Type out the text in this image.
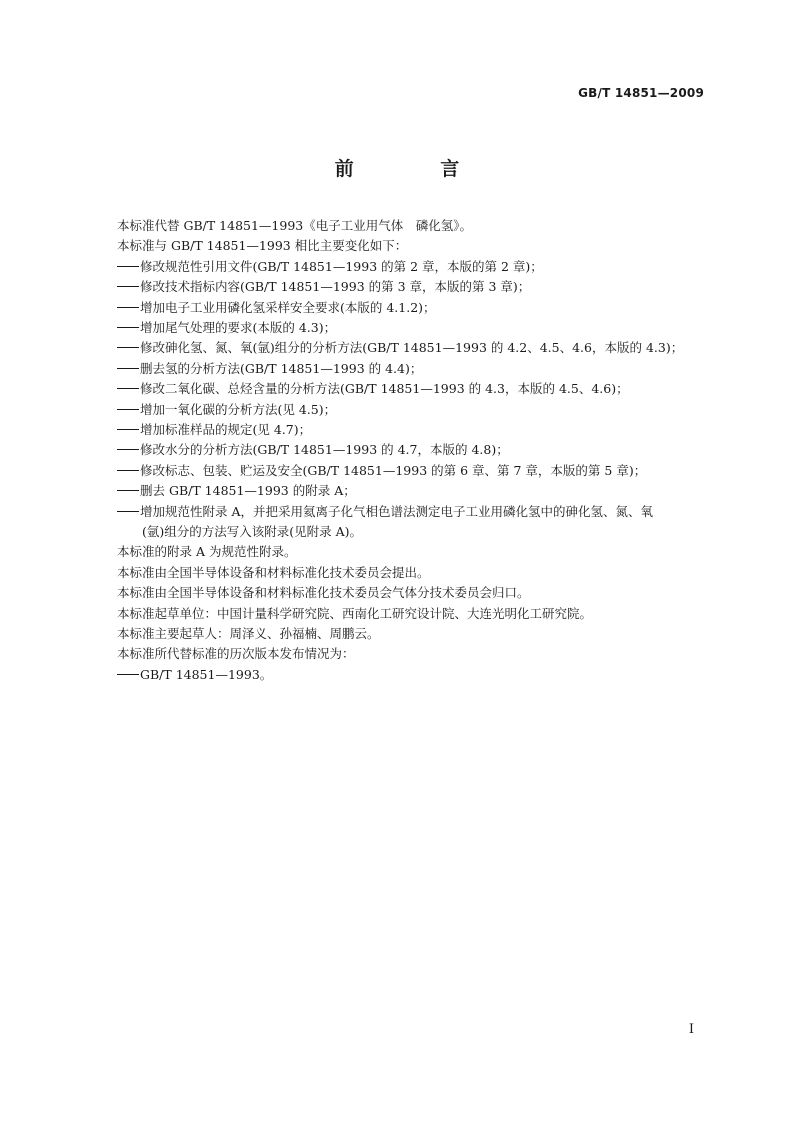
GB/T 14851—2009
前 言
本标准代替 GB/T 14851—1993《电子工业用气体　磷化氢》。
本标准与 GB/T 14851—1993 相比主要变化如下：
修改规范性引用文件(GB/T 14851—1993 的第 2 章，本版的第 2 章)；
修改技术指标内容(GB/T 14851—1993 的第 3 章，本版的第 3 章)；
增加电子工业用磷化氢采样安全要求(本版的 4.1.2)；
增加尾气处理的要求(本版的 4.3)；
修改砷化氢、氮、氧(氩)组分的分析方法(GB/T 14851—1993 的 4.2、4.5、4.6，本版的 4.3)；
删去氢的分析方法(GB/T 14851—1993 的 4.4)；
修改二氧化碳、总烃含量的分析方法(GB/T 14851—1993 的 4.3，本版的 4.5、4.6)；
增加一氧化碳的分析方法(见 4.5)；
增加标准样品的规定(见 4.7)；
修改水分的分析方法(GB/T 14851—1993 的 4.7，本版的 4.8)；
修改标志、包装、贮运及安全(GB/T 14851—1993 的第 6 章、第 7 章，本版的第 5 章)；
删去 GB/T 14851—1993 的附录 A；
增加规范性附录 A，并把采用氦离子化气相色谱法测定电子工业用磷化氢中的砷化氢、氮、氧
(氩)组分的方法写入该附录(见附录 A)。
本标准的附录 A 为规范性附录。
本标准由全国半导体设备和材料标准化技术委员会提出。
本标准由全国半导体设备和材料标准化技术委员会气体分技术委员会归口。
本标准起草单位：中国计量科学研究院、西南化工研究设计院、大连光明化工研究院。
本标准主要起草人：周泽义、孙福楠、周鹏云。
本标准所代替标准的历次版本发布情况为：
GB/T 14851—1993。
I
